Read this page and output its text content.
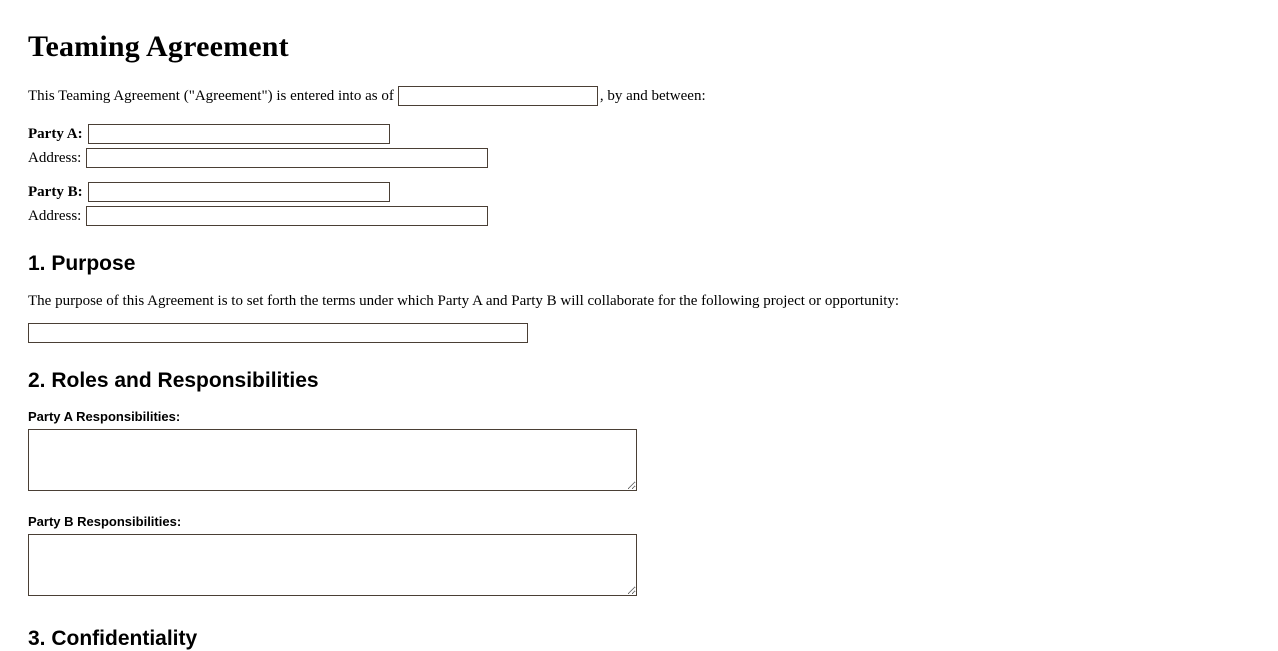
Teaming Agreement
This Teaming Agreement ("Agreement") is entered into as of	, by and between:
Party A:
Address:
Party B:
Address:
1. Purpose

The purpose of this Agreement is to set forth the terms under which Party A and Party B will collaborate for the following project or opportunity:

2. Roles and Responsibilities
Party A Responsibilities:
Party B Responsibilities:
3. Confidentiality
